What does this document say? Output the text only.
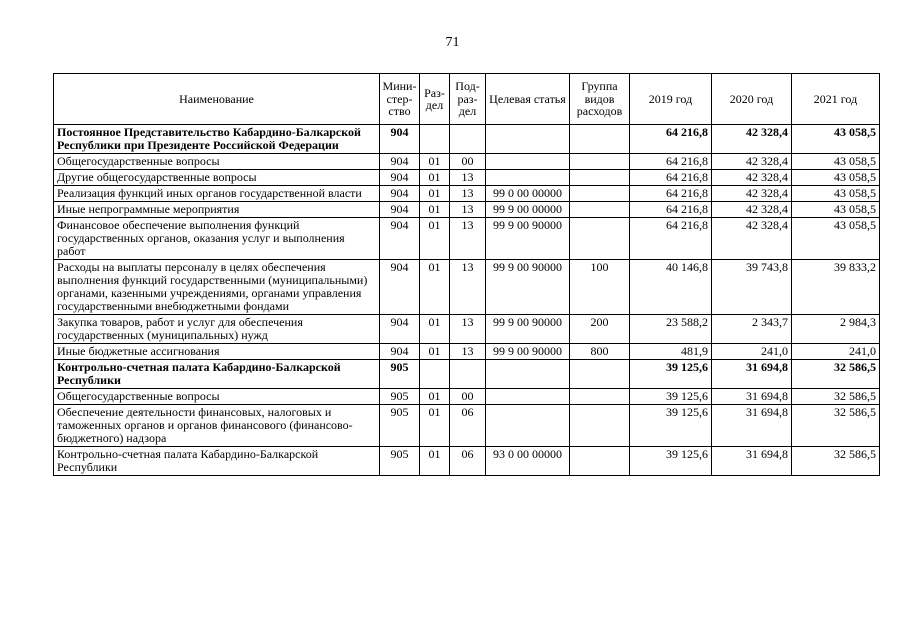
71
Наименование	Мини-стер-ство	Раз-дел	Под-раз-дел	Целевая статья	Группа видов расходов	2019 год	2020 год	2021 год
Постоянное Представительство Кабардино-Балкарской Республики при Президенте Российской Федерации	904					64 216,8	42 328,4	43 058,5
Общегосударственные вопросы	904	01	00			64 216,8	42 328,4	43 058,5
Другие общегосударственные вопросы	904	01	13			64 216,8	42 328,4	43 058,5
Реализация функций иных органов государственной власти	904	01	13	99 0 00 00000		64 216,8	42 328,4	43 058,5
Иные непрограммные мероприятия	904	01	13	99 9 00 00000		64 216,8	42 328,4	43 058,5
Финансовое обеспечение выполнения функций государственных органов, оказания услуг и выполнения работ	904	01	13	99 9 00 90000		64 216,8	42 328,4	43 058,5
Расходы на выплаты персоналу в целях обеспечения выполнения функций государственными (муниципальными) органами, казенными учреждениями, органами управления государственными внебюджетными фондами	904	01	13	99 9 00 90000	100	40 146,8	39 743,8	39 833,2
Закупка товаров, работ и услуг для обеспечения государственных (муниципальных) нужд	904	01	13	99 9 00 90000	200	23 588,2	2 343,7	2 984,3
Иные бюджетные ассигнования	904	01	13	99 9 00 90000	800	481,9	241,0	241,0
Контрольно-счетная палата Кабардино-Балкарской Республики	905					39 125,6	31 694,8	32 586,5
Общегосударственные вопросы	905	01	00			39 125,6	31 694,8	32 586,5
Обеспечение деятельности финансовых, налоговых и таможенных органов и органов финансового (финансово-бюджетного) надзора	905	01	06			39 125,6	31 694,8	32 586,5
Контрольно-счетная палата Кабардино-Балкарской Республики	905	01	06	93 0 00 00000		39 125,6	31 694,8	32 586,5
